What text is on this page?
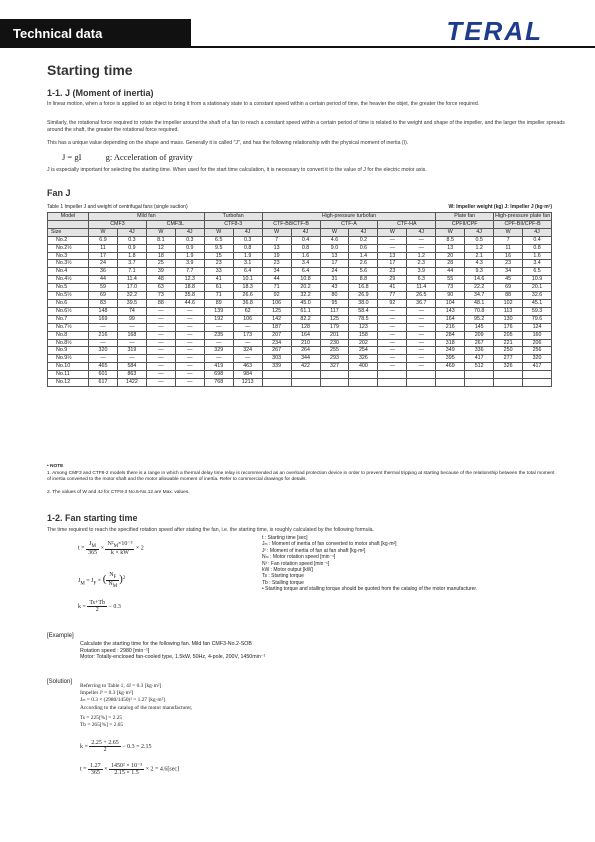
Technical data	TERAL
Starting time
1-1. J (Moment of inertia)
In linear motion, when a force is applied to an object to bring it from a stationary state to a constant speed within a certain period of time, the heavier the objet, the greater the force required.
Similarly, the rotational force required to rotate the impeller around the shaft of a fan to reach a constant speed within a certain period of time is related to the weight and shape of the impeller, and the larger the impeller spreads around the shaft, the greater the rotational force required.
This has a unique value depending on the shape and mass. Generally it is called "J", and has the following relationship with the physical moment of inertia (I).
J = gI	g: Acceleration of gravity
J is especially important for selecting the starting time. When used for the start time calculation, it is necessary to convert it to the value of J for the electric motor axis.
Fan J
Table 1 Impeller J and weight of centrifugal fans (single suction)	W: Impeller weight (kg) J: Impeller J (kg·m²)
Model	Mild fan				Turbofan		High-pressure turbofan						Plate fan		High-pressure plate fan	
	CMF3		CMF3L		CTF8-3		CTF-B8/CTF-B		CTF-A		CTF-HA		CPFII/CPF		CPF-BII/CPF-B	
Size	W	4J	W	4J	W	4J	W	4J	W	4J	W	4J	W	4J	W	4J
No.2	6.9	0.3	8.1	0.3	6.5	0.3	7	0.4	4.6	0.2	—	—	8.5	0.5	7	0.4
No.2½	11	0.9	12	0.9	9.5	0.8	13	0.8	9.0	0.6	—	—	13	1.2	11	0.8
No.3	17	1.8	18	1.9	15	1.9	19	1.6	13	1.4	13	1.2	20	2.1	16	1.6
No.3½	24	3.7	25	3.9	23	3.1	23	3.4	17	2.6	17	2.3	28	4.3	23	3.4
No.4	36	7.1	39	7.7	33	6.4	34	6.4	24	5.6	23	3.9	44	9.3	34	6.5
No.4½	44	11.4	48	12.3	41	10.1	44	10.8	31	8.8	29	6.3	55	14.6	45	10.9
No.5	59	17.0	63	18.8	61	18.3	71	20.2	43	16.8	41	11.4	73	22.2	69	20.1
No.5½	69	32.2	73	35.8	71	26.6	92	32.2	80	26.9	77	26.5	90	34.7	88	32.6
No.6	83	39.5	88	44.6	89	36.8	106	45.0	95	38.0	92	36.7	104	48.1	102	45.1
No.6½	148	74	—	—	139	62	125	61.1	117	58.4	—	—	143	70.8	113	59.3
No.7	169	99	—	—	192	106	142	82.2	125	78.5	—	—	164	95.2	130	79.6
No.7½	—	—	—	—	—	—	187	128	179	123	—	—	216	145	176	124
No.8	216	168	—	—	235	173	207	164	201	158	—	—	284	209	205	160
No.8½	—	—	—	—	—	—	234	210	230	202	—	—	318	267	221	206
No.9	320	319	—	—	329	324	267	264	255	254	—	—	349	336	250	256
No.9½	—	—	—	—	—	—	303	344	293	326	—	—	395	417	277	320
No.10	465	584	—	—	419	463	339	422	327	400	—	—	469	512	326	417
No.11	601	863	—	—	698	984										
No.12	617	1422	—	—	768	1213										
• NOTE
1. Among CMF3 and CTF8-2 models there is a range in which a thermal delay time relay is recommended as an overload protection device in order to prevent thermal tripping at starting because of the relationship between the total moment of inertia converted to the motor shaft and the motor allowable moment of inertia. Refer to commercial drawings for details.
2. The values of W and 4J for CTF8-3 No.6-No.12 are Max. values.
1-2. Fan starting time
The time required to reach the specified rotation speed after stating the fan, i.e. the starting time, is roughly calculated by the following formula.
$t = \frac{J_M}{365} \times \frac{N^2_M\times 10^{-3}}{k \times kW} \times 2$
$J_M = J_F$ × ( $\frac{N_F}{N_M} )^2$
$k = \frac{Ts+Tb}{2} - 0.3$
t : Starting time [sec]
Jₘ : Moment of inertia of fan converted to motor shaft [kg·m²]
Jᶠ : Moment of inertia of fan at fan shaft [kg·m²]
Nₘ : Motor rotation speed [min⁻¹]
Nᶠ : Fan rotation speed [min⁻¹]
kW : Motor output [kW]
Ts : Starting torque
Tb : Stalling torque
• Starting torque and stalling torque should be quoted from the catalog of the motor manufacturer.
[Example]
Calculate the starting time for the following fan. Mild fan CMF3-No.2-SOB
Rotation speed : 2980 [min⁻¹]
Motor: Totally-enclosed fan-cooled type, 1.5kW, 50Hz, 4-pole, 200V, 1450min⁻¹
[Solution]
Referring to Table 1, 4J = 0.3 [kg·m²]
Impeller Jᶠ = 0.3 [kg·m²]
Jₘ = 0.3 × (2980/1450)² = 1.27 [kg·m²]
According to the catalog of the motor manufacturer,
Ts = 225[%] = 2.25
Tb = 265[%] = 2.65
$k = \frac{2.25 + 2.65}{2} - 0.3 = 2.15$
$t = \frac{1.27}{365} \times \frac{\text{1450² × 10⁻³}}{2.15 \times 1.5} \times 2 = 4.6[\sec]$
